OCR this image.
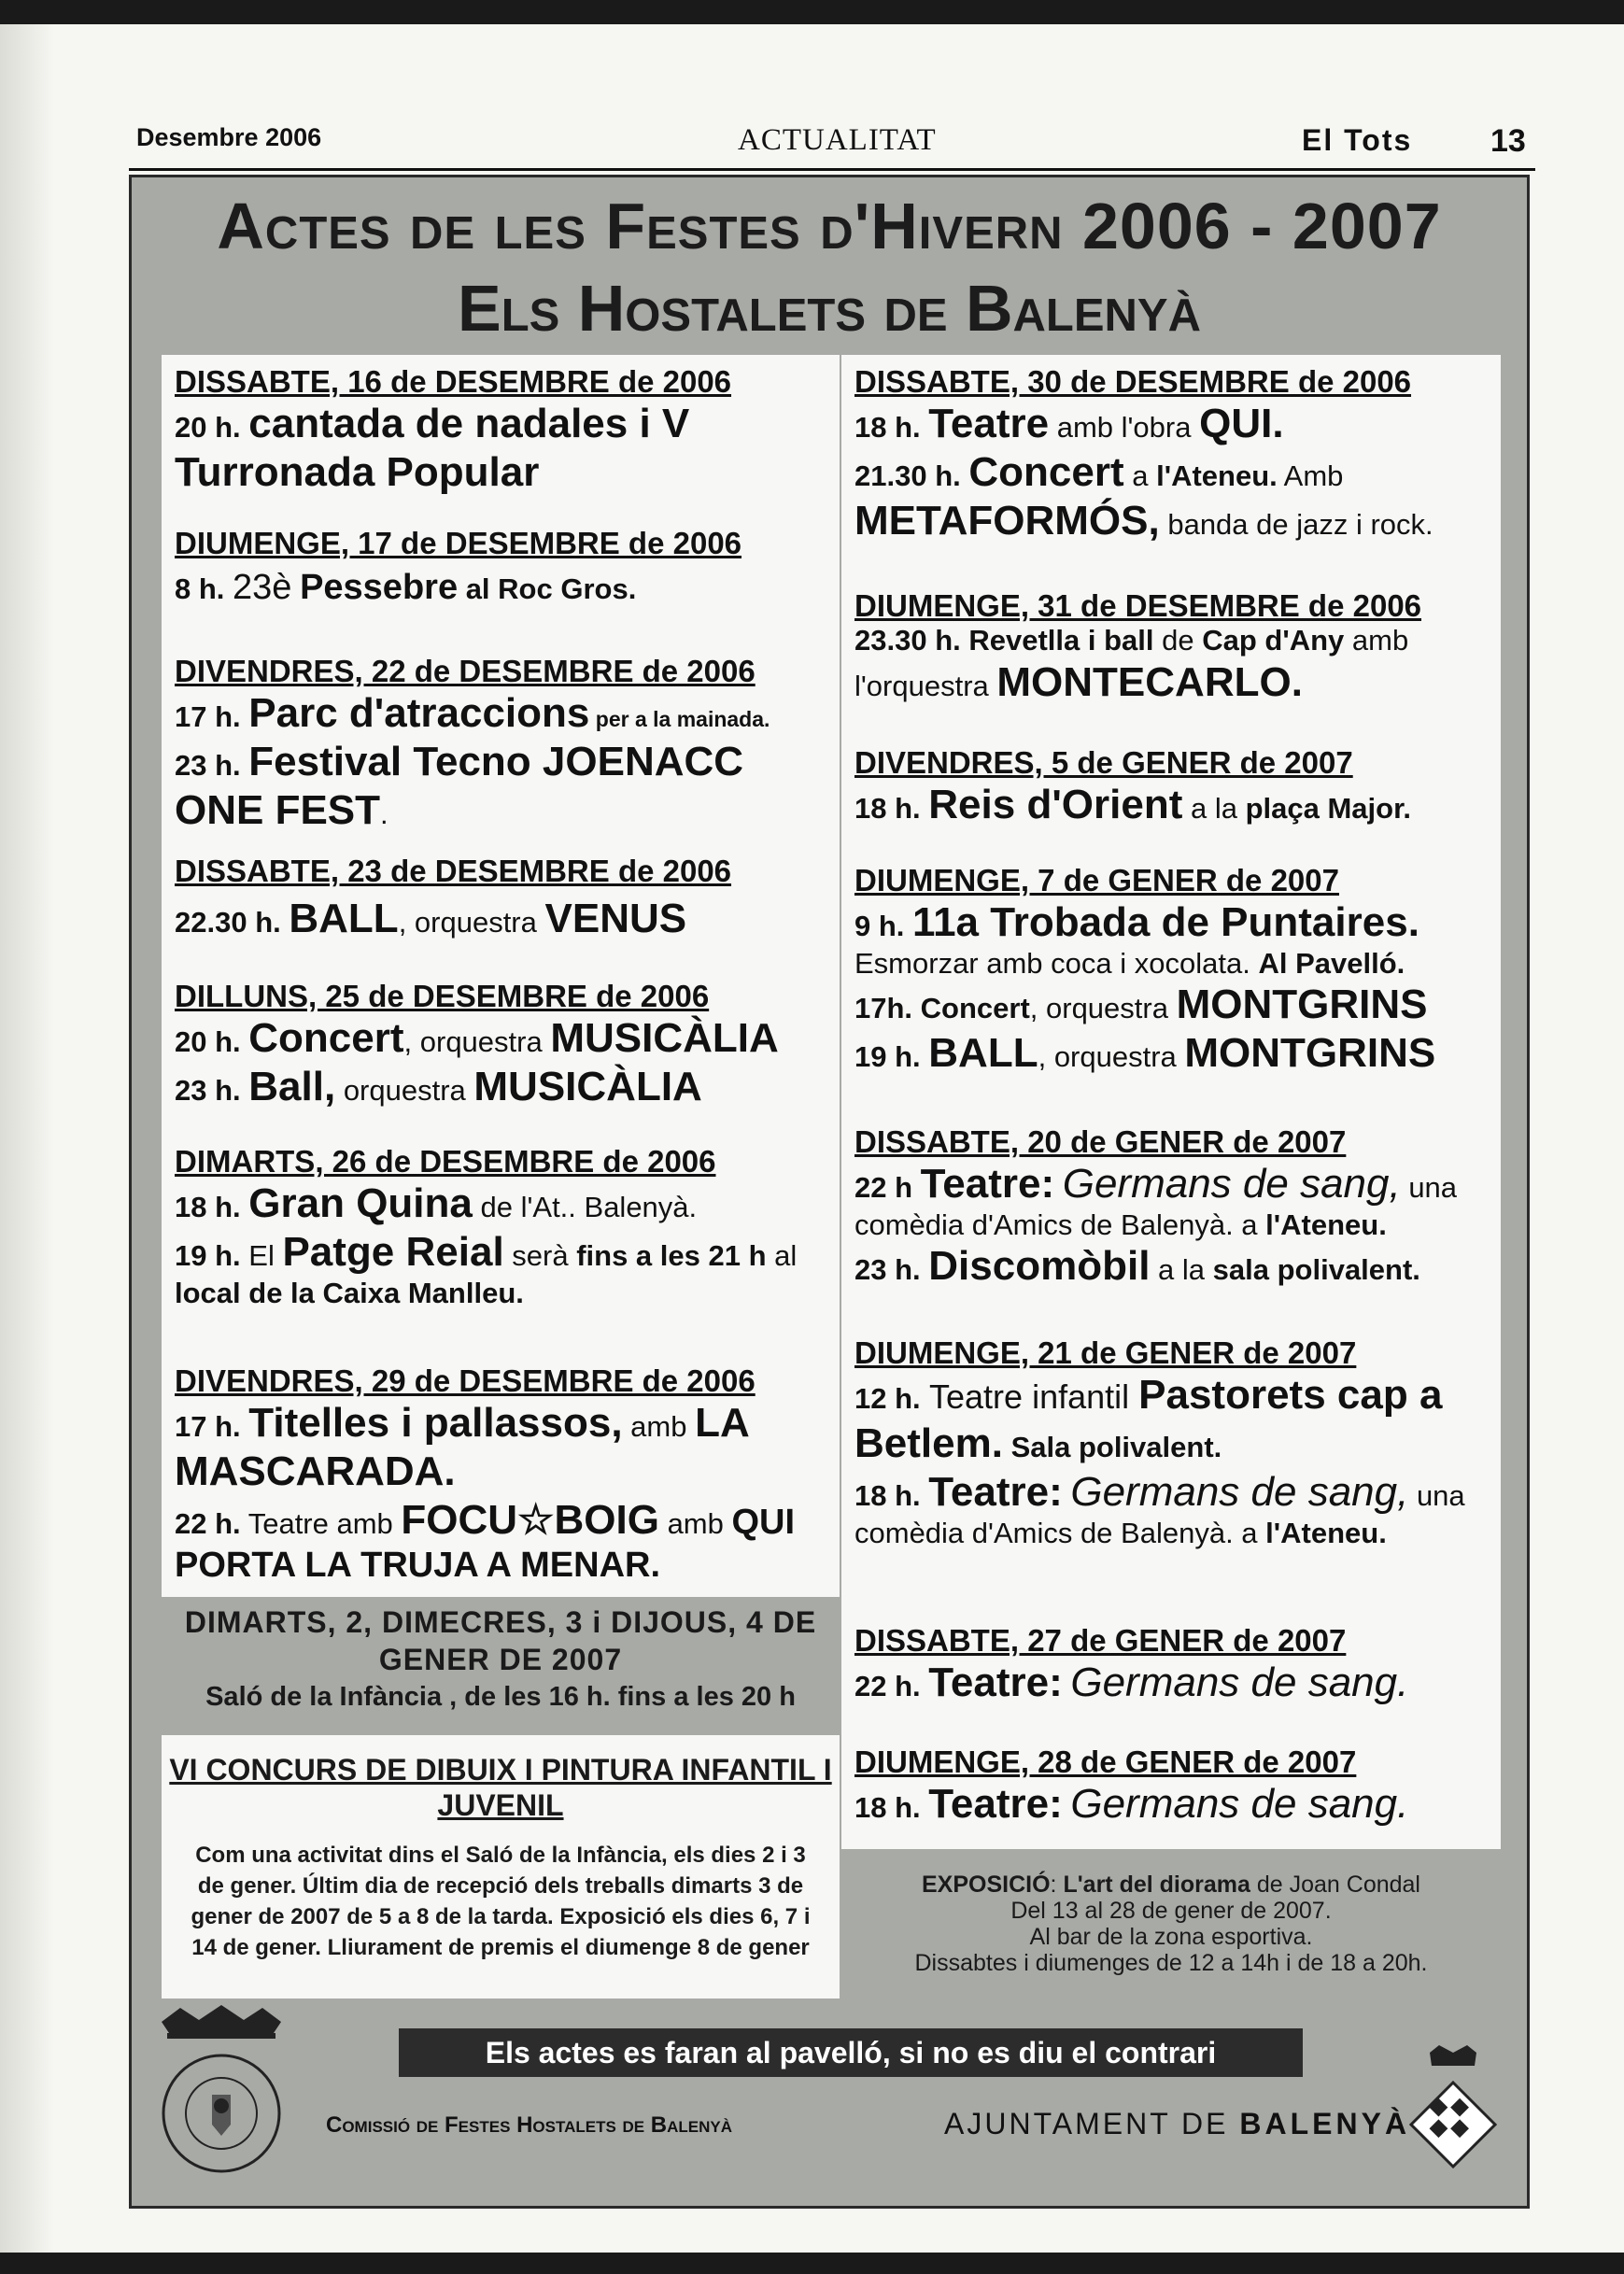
Desembre 2006	ACTUALITAT	El Tots 13
Actes de les Festes d'Hivern 2006 - 2007
Els Hostalets de Balenyà
DISSABTE, 16 de DESEMBRE de 2006
20 h. cantada de nadales i V Turronada Popular
DIUMENGE, 17 de DESEMBRE de 2006
8 h. 23è Pessebre al Roc Gros.
DIVENDRES, 22 de DESEMBRE de 2006
17 h. Parc d'atraccions per a la mainada.
23 h. Festival Tecno JOENACC ONE FEST.
DISSABTE, 23 de DESEMBRE de 2006
22.30 h. BALL, orquestra VENUS
DILLUNS, 25 de DESEMBRE de 2006
20 h. Concert, orquestra MUSICÀLIA
23 h. Ball, orquestra MUSICÀLIA
DIMARTS, 26 de DESEMBRE de 2006
18 h. Gran Quina de l'At.. Balenyà.
19 h. El Patge Reial serà fins a les 21 h al local de la Caixa Manlleu.
DIVENDRES, 29 de DESEMBRE de 2006
17 h. Titelles i pallassos, amb LA MASCARADA.
22 h. Teatre amb FOCU☆BOIG amb QUI PORTA LA TRUJA A MENAR.
DIMARTS, 2, DIMECRES, 3 i DIJOUS, 4 DE GENER DE 2007
Saló de la Infància , de les 16 h. fins a les 20 h
VI CONCURS DE DIBUIX I PINTURA INFANTIL I JUVENIL
Com una activitat dins el Saló de la Infància, els dies 2 i 3 de gener. Últim dia de recepció dels treballs dimarts 3 de gener de 2007 de 5 a 8 de la tarda. Exposició els dies 6, 7 i 14 de gener. Lliurament de premis el diumenge 8 de gener
DISSABTE, 30 de DESEMBRE de 2006
18 h. Teatre amb l'obra QUI.
21.30 h. Concert a l'Ateneu. Amb METAFORMÓS, banda de jazz i rock.
DIUMENGE, 31 de DESEMBRE de 2006
23.30 h. Revetlla i ball de Cap d'Any amb l'orquestra MONTECARLO.
DIVENDRES, 5 de GENER de 2007
18 h. Reis d'Orient a la plaça Major.
DIUMENGE, 7 de GENER de 2007
9 h. 11a Trobada de Puntaires.
Esmorzar amb coca i xocolata. Al Pavelló.
17h. Concert, orquestra MONTGRINS
19 h. BALL, orquestra MONTGRINS
DISSABTE, 20 de GENER de 2007
22 h Teatre: Germans de sang, una comèdia d'Amics de Balenyà. a l'Ateneu.
23 h. Discomòbil a la sala polivalent.
DIUMENGE, 21 de GENER de 2007
12 h. Teatre infantil Pastorets cap a Betlem. Sala polivalent.
18 h. Teatre: Germans de sang, una comèdia d'Amics de Balenyà. a l'Ateneu.
DISSABTE, 27 de GENER de 2007
22 h. Teatre: Germans de sang.
DIUMENGE, 28 de GENER de 2007
18 h. Teatre: Germans de sang.
EXPOSICIÓ: L'art del diorama de Joan Condal
Del 13 al 28 de gener de 2007.
Al bar de la zona esportiva.
Dissabtes i diumenges de 12 a 14h i de 18 a 20h.
Els actes es faran al pavelló, si no es diu el contrari
Comissió de Festes Hostalets de Balenyà	AJUNTAMENT DE BALENYÀ
